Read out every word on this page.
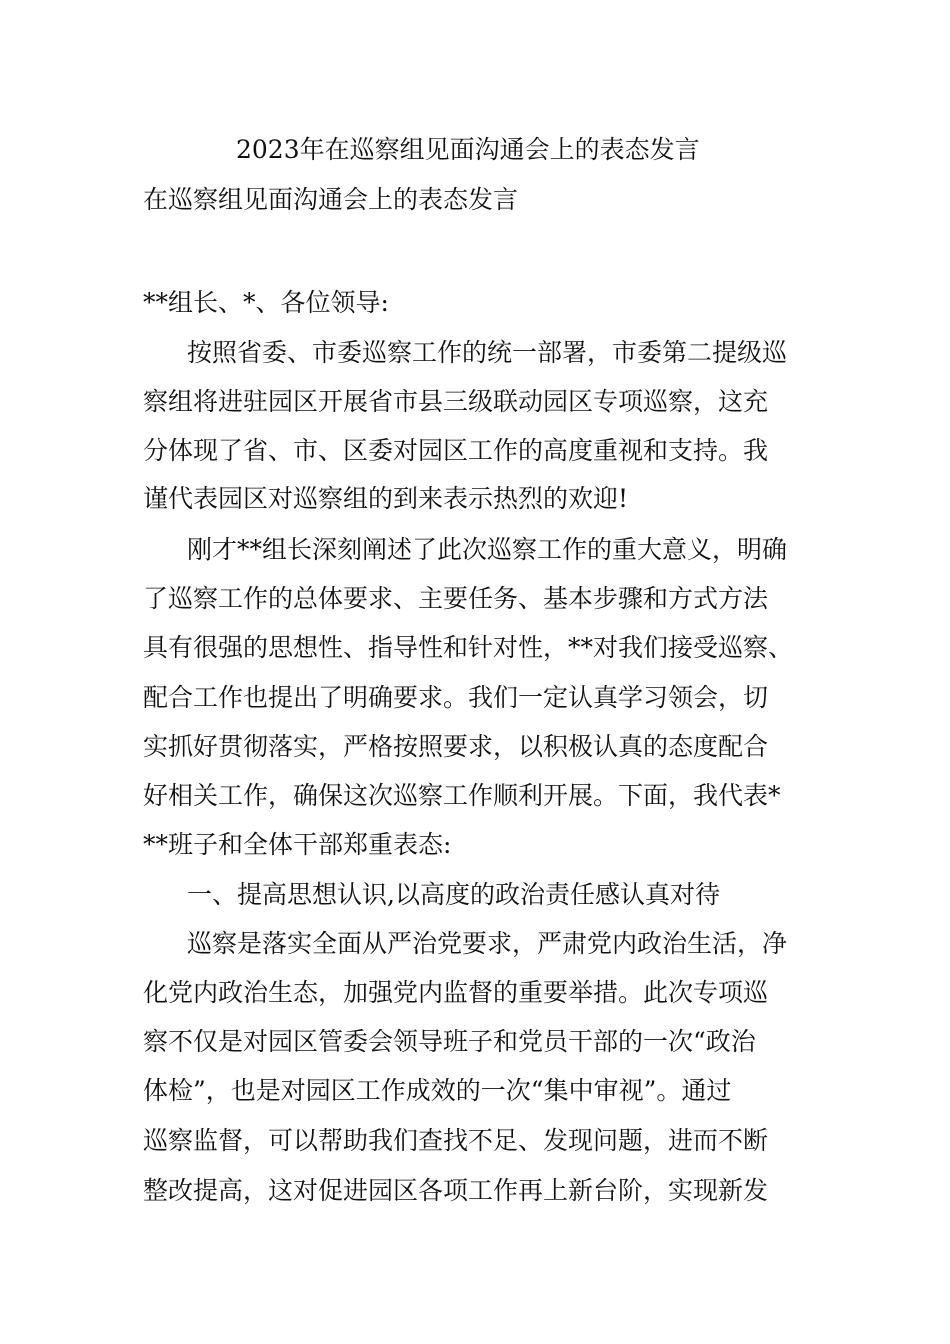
2023年在巡察组见面沟通会上的表态发言

在巡察组见面沟通会上的表态发言

**组长、*、各位领导:

按照省委、市委巡察工作的统一部署，市委第二提级巡

察组将进驻园区开展省市县三级联动园区专项巡察，这充

分体现了省、市、区委对园区工作的高度重视和支持。我

谨代表园区对巡察组的到来表示热烈的欢迎!

刚才**组长深刻阐述了此次巡察工作的重大意义，明确

了巡察工作的总体要求、主要任务、基本步骤和方式方法

具有很强的思想性、指导性和针对性，**对我们接受巡察、

配合工作也提出了明确要求。我们一定认真学习领会，切

实抓好贯彻落实，严格按照要求，以积极认真的态度配合

好相关工作，确保这次巡察工作顺利开展。下面，我代表*

**班子和全体干部郑重表态:

一、提高思想认识,以高度的政治责任感认真对待

巡察是落实全面从严治党要求，严肃党内政治生活，净

化党内政治生态，加强党内监督的重要举措。此次专项巡

察不仅是对园区管委会领导班子和党员干部的一次“政治

体检”，也是对园区工作成效的一次“集中审视”。通过

巡察监督，可以帮助我们查找不足、发现问题，进而不断

整改提高，这对促进园区各项工作再上新台阶，实现新发
